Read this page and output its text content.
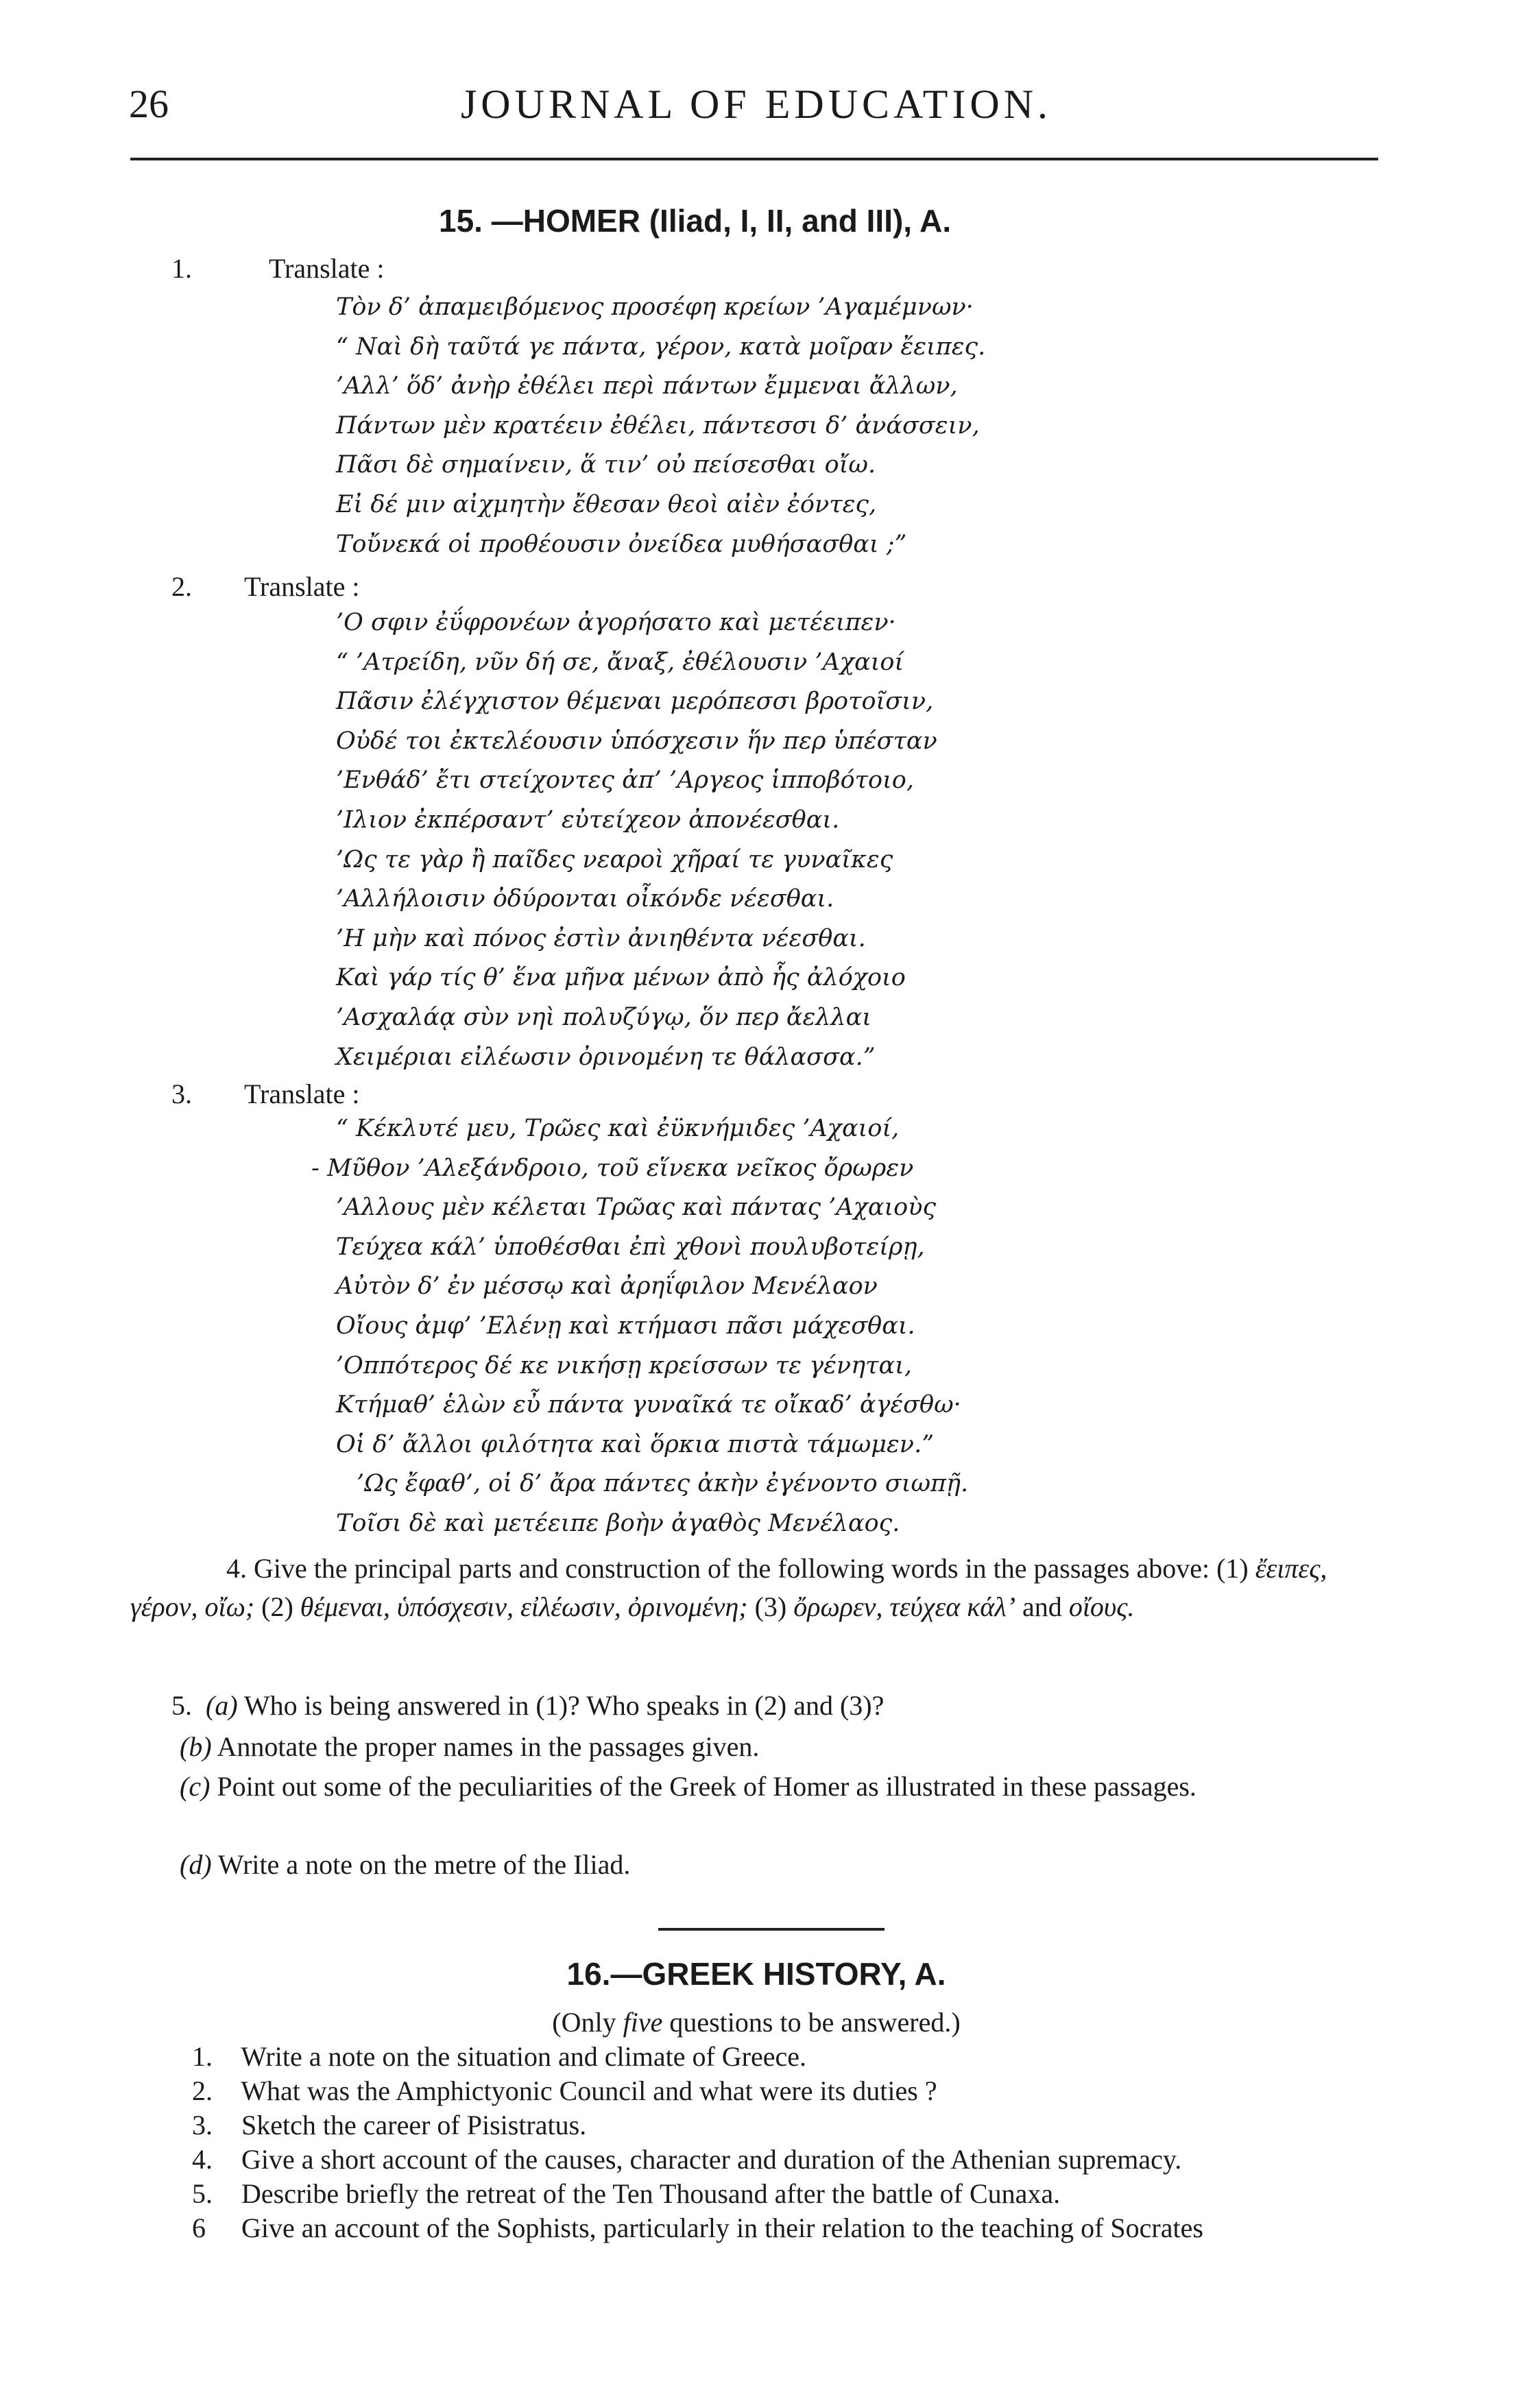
26	JOURNAL OF EDUCATION.
15. —HOMER (Iliad, I, II, and III), A.
1.	Translate :
Τὸν δ’ ἀπαμειβόμενος προσέφη κρείων ’Αγαμέμνων·
“ Ναὶ δὴ ταῦτά γε πάντα, γέρον, κατὰ μοῖραν ἔειπες.
’Αλλ’ ὅδ’ ἀνὴρ ἐθέλει περὶ πάντων ἔμμεναι ἄλλων,
Πάντων μὲν κρατέειν ἐθέλει, πάντεσσι δ’ ἀνάσσειν,
Πᾶσι δὲ σημαίνειν, ἅ τιν’ οὐ πείσεσθαι οἴω.
Εἰ δέ μιν αἰχμητὴν ἔθεσαν θεοὶ αἰὲν ἐόντες,
Τοὔνεκά οἱ προθέουσιν ὀνείδεα μυθήσασθαι ;”
2. Translate :
’Ο σφιν ἐΰφρονέων ἀγορήσατο καὶ μετέειπεν·
“ ’Ατρείδη, νῦν δή σε, ἄναξ, ἐθέλουσιν ’Αχαιοί
Πᾶσιν ἐλέγχιστον θέμεναι μερόπεσσι βροτοῖσιν,
Οὐδέ τοι ἐκτελέουσιν ὑπόσχεσιν ἥν περ ὑπέσταν
’Ενθάδ’ ἔτι στείχοντες ἀπ’ ’Αργεος ἱπποβότοιο,
’Ιλιον ἐκπέρσαντ’ εὐτείχεον ἀπονέεσθαι.
’Ως τε γὰρ ἢ παῖδες νεαροὶ χῆραί τε γυναῖκες
’Αλλήλοισιν ὀδύρονται οἶκόνδε νέεσθαι.
’Η μὴν καὶ πόνος ἐστὶν ἀνιηθέντα νέεσθαι.
Καὶ γάρ τίς θ’ ἕνα μῆνα μένων ἀπὸ ἧς ἀλόχοιο
’Ασχαλάᾳ σὺν νηὶ πολυζύγῳ, ὅν περ ἄελλαι
Χειμέριαι εἰλέωσιν ὀρινομένη τε θάλασσα.”
3. Translate :
“ Κέκλυτέ μευ, Τρῶες καὶ ἐϋκνήμιδες ’Αχαιοί,
- Μῦθον ’Αλεξάνδροιο, τοῦ εἵνεκα νεῖκος ὄρωρεν
’Αλλους μὲν κέλεται Τρῶας καὶ πάντας ’Αχαιοὺς
Τεύχεα κάλ’ ὑποθέσθαι ἐπὶ χθονὶ πουλυβοτείρῃ,
Αὐτὸν δ’ ἐν μέσσῳ καὶ ἀρηΐφιλον Μενέλαον
Οἴους ἀμφ’ ’Ελένῃ καὶ κτήμασι πᾶσι μάχεσθαι.
’Οππότερος δέ κε νικήσῃ κρείσσων τε γένηται,
Κτήμαθ’ ἑλὼν εὖ πάντα γυναῖκά τε οἴκαδ’ ἀγέσθω·
Οἱ δ’ ἄλλοι φιλότητα καὶ ὅρκια πιστὰ τάμωμεν.”
’Ως ἔφαθ’, οἱ δ’ ἄρα πάντες ἀκὴν ἐγένοντο σιωπῇ.
Τοῖσι δὲ καὶ μετέειπε βοὴν ἀγαθὸς Μενέλαος.
4. Give the principal parts and construction of the following words in the passages above: (1) ἔειπες, γέρον, οἴω; (2) θέμεναι, ὑπόσχεσιν, εἰλέωσιν, ὀρινομένη; (3) ὄρωρεν, τεύχεα κάλ’ and οἴους.
5. (a) Who is being answered in (1)? Who speaks in (2) and (3)?
(b) Annotate the proper names in the passages given.
(c) Point out some of the peculiarities of the Greek of Homer as illustrated in these passages.
(d) Write a note on the metre of the Iliad.
16.—GREEK HISTORY, A.
(Only five questions to be answered.)
1. Write a note on the situation and climate of Greece.
2. What was the Amphictyonic Council and what were its duties ?
3. Sketch the career of Pisistratus.
4. Give a short account of the causes, character and duration of the Athenian supremacy.
5. Describe briefly the retreat of the Ten Thousand after the battle of Cunaxa.
6 Give an account of the Sophists, particularly in their relation to the teaching of Socrates
